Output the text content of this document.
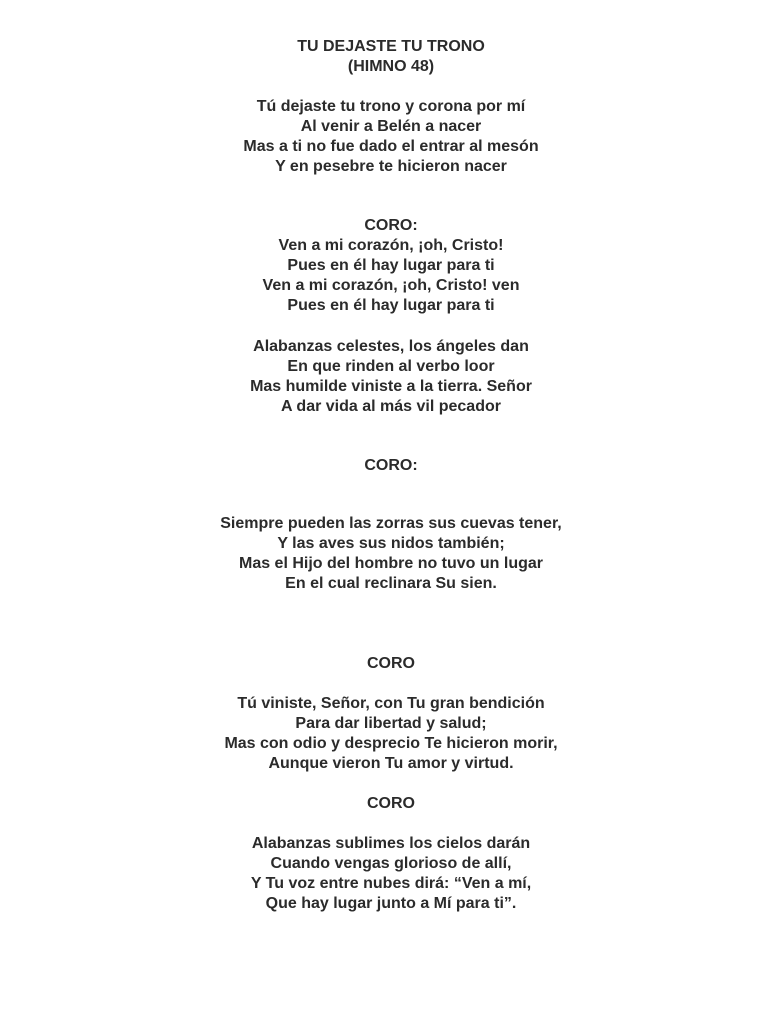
TU DEJASTE TU TRONO
(HIMNO 48)
Tú dejaste tu trono y corona por mí
Al venir a Belén a nacer
Mas a ti no fue dado el entrar al mesón
Y en pesebre te hicieron nacer
CORO:
Ven a mi corazón, ¡oh, Cristo!
Pues en él hay lugar para ti
Ven a mi corazón, ¡oh, Cristo! ven
Pues en él hay lugar para ti
Alabanzas celestes, los ángeles dan
En que rinden al verbo loor
Mas humilde viniste a la tierra. Señor
A dar vida al más vil pecador
CORO:
Siempre pueden las zorras sus cuevas tener,
Y las aves sus nidos también;
Mas el Hijo del hombre no tuvo un lugar
En el cual reclinara Su sien.
CORO
Tú viniste, Señor, con Tu gran bendición
Para dar libertad y salud;
Mas con odio y desprecio Te hicieron morir,
Aunque vieron Tu amor y virtud.
CORO
Alabanzas sublimes los cielos darán
Cuando vengas glorioso de allí,
Y Tu voz entre nubes dirá: “Ven a mí,
Que hay lugar junto a Mí para ti”.
